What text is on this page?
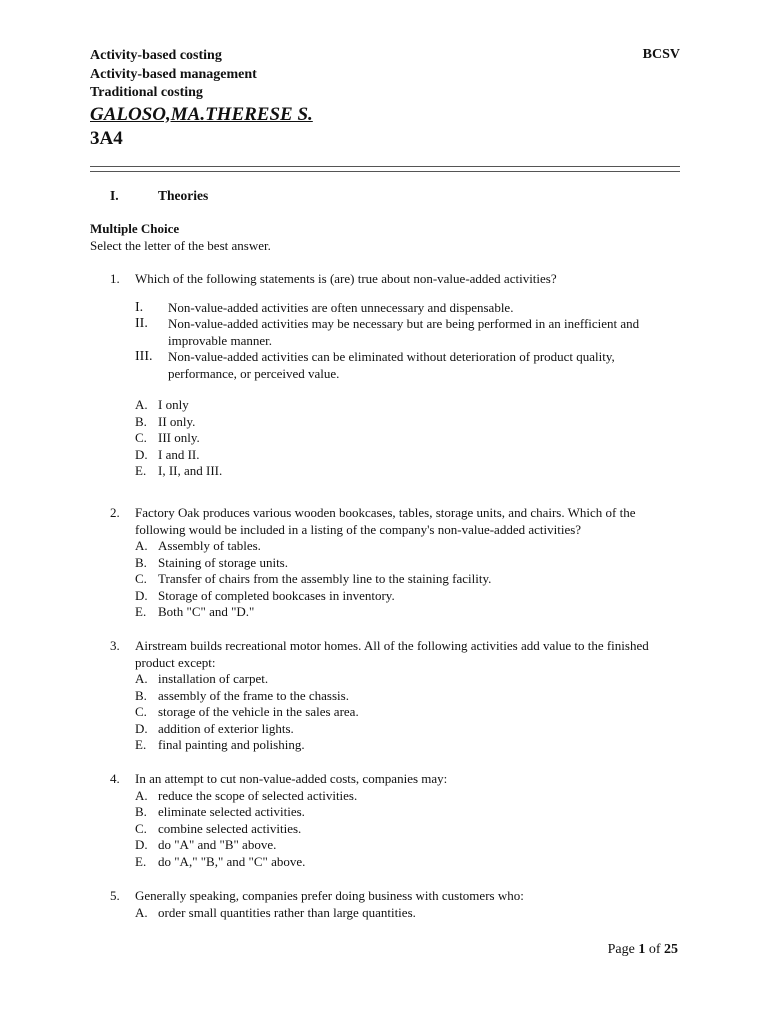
Activity-based costing
Activity-based management
Traditional costing
GALOSO,MA.THERESE S.
3A4
BCSV
I.	Theories
Multiple Choice
Select the letter of the best answer.
1. Which of the following statements is (are) true about non-value-added activities?
I. Non-value-added activities are often unnecessary and dispensable.
II. Non-value-added activities may be necessary but are being performed in an inefficient and improvable manner.
III. Non-value-added activities can be eliminated without deterioration of product quality, performance, or perceived value.
A. I only
B. II only.
C. III only.
D. I and II.
E. I, II, and III.
2. Factory Oak produces various wooden bookcases, tables, storage units, and chairs. Which of the following would be included in a listing of the company's non-value-added activities?
A. Assembly of tables.
B. Staining of storage units.
C. Transfer of chairs from the assembly line to the staining facility.
D. Storage of completed bookcases in inventory.
E. Both "C" and "D."
3. Airstream builds recreational motor homes. All of the following activities add value to the finished product except:
A. installation of carpet.
B. assembly of the frame to the chassis.
C. storage of the vehicle in the sales area.
D. addition of exterior lights.
E. final painting and polishing.
4. In an attempt to cut non-value-added costs, companies may:
A. reduce the scope of selected activities.
B. eliminate selected activities.
C. combine selected activities.
D. do "A" and "B" above.
E. do "A," "B," and "C" above.
5. Generally speaking, companies prefer doing business with customers who:
A. order small quantities rather than large quantities.
Page 1 of 25
